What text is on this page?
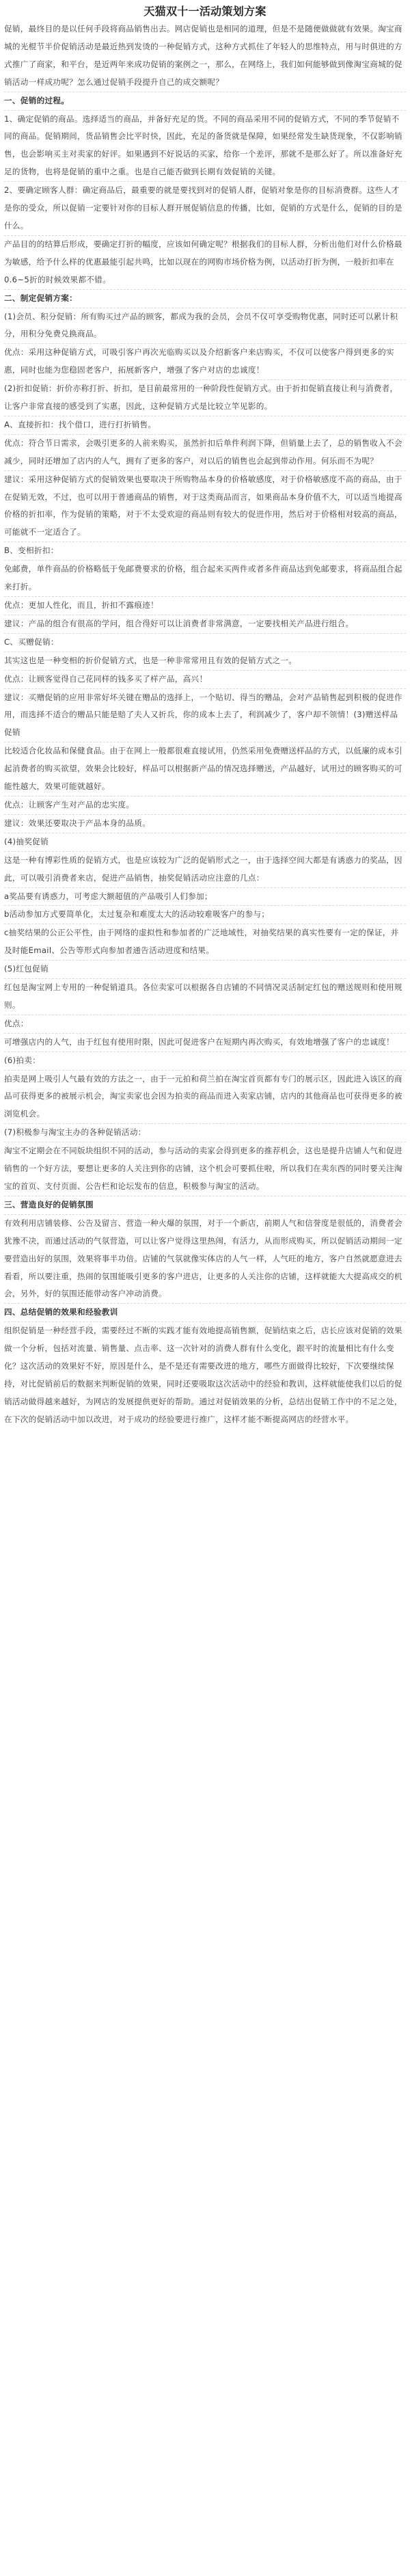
天猫双十一活动策划方案
促销，最终目的是以任何手段将商品销售出去。网店促销也是相同的道理，但是不是随便做做就有效果。淘宝商城的光棍节半价促销活动是最近热到发烫的一种促销方式，这种方式抓住了年轻人的思维特点，用与时俱进的方式推广了商家，和平台，是近两年来成功促销的案例之一，那么，在网络上，我们如何能够做到像淘宝商城的促销活动一样成功呢？怎么通过促销手段提升自己的成交额呢？
一、促销的过程。
1、确定促销的商品。选择适当的商品，并备好充足的货。不同的商品采用不同的促销方式，不同的季节促销不同的商品。促销期间，货品销售会比平时快，因此，充足的备货就是保障，如果经常发生缺货现象，不仅影响销售，也会影响买主对卖家的好评。如果遇到不好说话的买家，给你一个差评，那就不是那么好了。所以准备好充足的货物，也将是促销的重中之重。也是自己能否做到长期有效促销的关键。
2、要确定顾客人群：确定商品后，最重要的就是要找到对的促销人群，促销对象是你的目标消费群。这些人才是你的受众，所以促销一定要针对你的目标人群开展促销信息的传播，比如，促销的方式是什么，促销的目的是什么。
产品目的的结算后形成，要确定打折的幅度，应该如何确定呢？根据我们的目标人群，分析出他们对什么价格最为敏感，给予什么样的优惠最能引起共鸣，比如以现在的网购市场价格为例，以活动打折为例，一般折扣率在0.6~5折的时候效果都不错。
二、制定促销方案：
(1)会员、积分促销：所有购买过产品的顾客，都成为我的会员，会员不仅可享受购物优惠，同时还可以累计积分，用积分免费兑换商品。
优点：采用这种促销方式，可吸引客户再次光临购买以及介绍新客户来店购买，不仅可以使客户得到更多的实惠，同时也能为您稳固老客户，拓展新客户，增强了客户对店的忠诚度！
(2)折扣促销：折价亦称打折、折扣，是目前最常用的一种阶段性促销方式。由于折扣促销直接让利与消费者，让客户非常直接的感受到了实惠，因此，这种促销方式是比较立竿见影的。
A、直接折扣：找个借口，进行打折销售。
优点：符合节日需求，会吸引更多的人前来购买，虽然折扣后单件利润下降，但销量上去了，总的销售收入不会减少，同时还增加了店内的人气，拥有了更多的客户，对以后的销售也会起到带动作用。何乐而不为呢？
建议：采用这种促销方式的促销效果也要取决于所购物品本身的价格敏感度，对于价格敏感度不高的商品，由于在促销无效，不过，也可以用于普通商品的销售，对于这类商品而言，如果商品本身价值不大，可以适当地提高价格的折扣率，作为促销的策略，对于不太受欢迎的商品则有较大的促进作用，然后对于价格相对较高的商品，可能就不一定适合了。
B、变相折扣：
免邮费，单件商品的价格略低于免邮费要求的价格，组合起来买两件或者多件商品达到免邮要求，将商品组合起来打折。
优点：更加人性化，而且，折扣不露痕迹！
建议：产品的组合有很高的学问，组合得好可以让消费者非常满意，一定要找相关产品进行组合。
C、买赠促销：
其实这也是一种变相的折价促销方式，也是一种非常常用且有效的促销方式之一。
优点：让顾客觉得自己花同样的钱多买了样产品，高兴！
建议：买赠促销的应用非常好坏关键在赠品的选择上，一个贴切、得当的赠品，会对产品销售起到积极的促进作用，而选择不适合的赠品只能是赔了夫人又折兵，你的成本上去了，利润减少了，客户却不领情！(3)赠送样品促销
比较适合化妆品和保健食品。由于在网上一般都很难直接试用，仍然采用免费赠送样品的方式，以低廉的成本引起消费者的购买欲望，效果会比较好，样品可以根据新产品的情况选择赠送，产品越好，试用过的顾客购买的可能性越大，效果可能就越好。
优点：让顾客产生对产品的忠实度。
建议：效果还要取决于产品本身的品质。
(4)抽奖促销
这是一种有博彩性质的促销方式，也是应该较为广泛的促销形式之一，由于选择空间大都是有诱惑力的奖品，因此，可以吸引消费者来店，促进产品销售，抽奖促销活动应注意的几点：
a奖品要有诱惑力，可考虑大额超值的产品吸引人们参加；
b活动参加方式要简单化，太过复杂和难度太大的活动较难吸客户的参与；
c抽奖结果的公正公平性，由于网络的虚拟性和参加者的广泛地域性，对抽奖结果的真实性要有一定的保证，并及时能Email、公告等形式向参加者通告活动进度和结果。
(5)红包促销
红包是淘宝网上专用的一种促销道具。各位卖家可以根据各自店铺的不同情况灵活制定红包的赠送规则和使用规则。
优点：
可增强店内的人气，由于红包有使用时限，因此可促进客户在短期内再次购买，有效地增强了客户的忠诚度！
(6)拍卖：
拍卖是网上吸引人气最有效的方法之一，由于一元拍和荷兰拍在淘宝首页都有专门的展示区，因此进入该区的商品可获得更多的被展示机会，淘宝卖家也会因为拍卖的商品而进入卖家店铺，店内的其他商品也可获得更多的被浏览机会。
(7)积极参与淘宝主办的各种促销活动：
淘宝不定期会在不同版块组织不同的活动，参与活动的卖家会得到更多的推荐机会，这也是提升店铺人气和促进销售的一个好方法，要想让更多的人关注到你的店铺，这个机会可要抓住啦，所以我们在卖东西的同时要关注淘宝的首页、支付页面、公告栏和论坛发布的信息，积极参与淘宝的活动。
三、营造良好的促销氛围
有效利用店铺装修、公告及留言、营造一种火爆的氛围，对于一个新店，前期人气和信誉度是很低的，消费者会犹豫不决，而通过活动的气氛营造，可以让客户觉得这里热闹，有活力，从而形成购买，所以促销活动期间一定要营造出好的氛围，效果将事半功倍。店铺的气氛就像实体店的人气一样，人气旺的地方，客户自然就愿意进去看看，所以要注重，热闹的氛围能吸引更多的客户进店，让更多的人关注你的店铺，这样就能大大提高成交的机会，另外，好的氛围还能带动客户冲动消费。
四、总结促销的效果和经验教训
组织促销是一种经营手段，需要经过不断的实践才能有效地提高销售额，促销结束之后，店长应该对促销的效果做一个分析，包括对流量、销售量、点击率、这一次针对的消费人群有什么变化，跟平时的流量相比有什么变化？这次活动的效果好不好，原因是什么，是不是还有需要改进的地方，哪些方面做得比较好，下次要继续保持，对比促销前后的数据来判断促销的效果，同时还要吸取这次活动中的经验和教训，这样就能使我们以后的促销活动做得越来越好，为网店的发展提供更好的帮助。通过对促销效果的分析，总结出促销工作中的不足之处，在下次的促销活动中加以改进，对于成功的经验要进行推广，这样才能不断提高网店的经营水平。
